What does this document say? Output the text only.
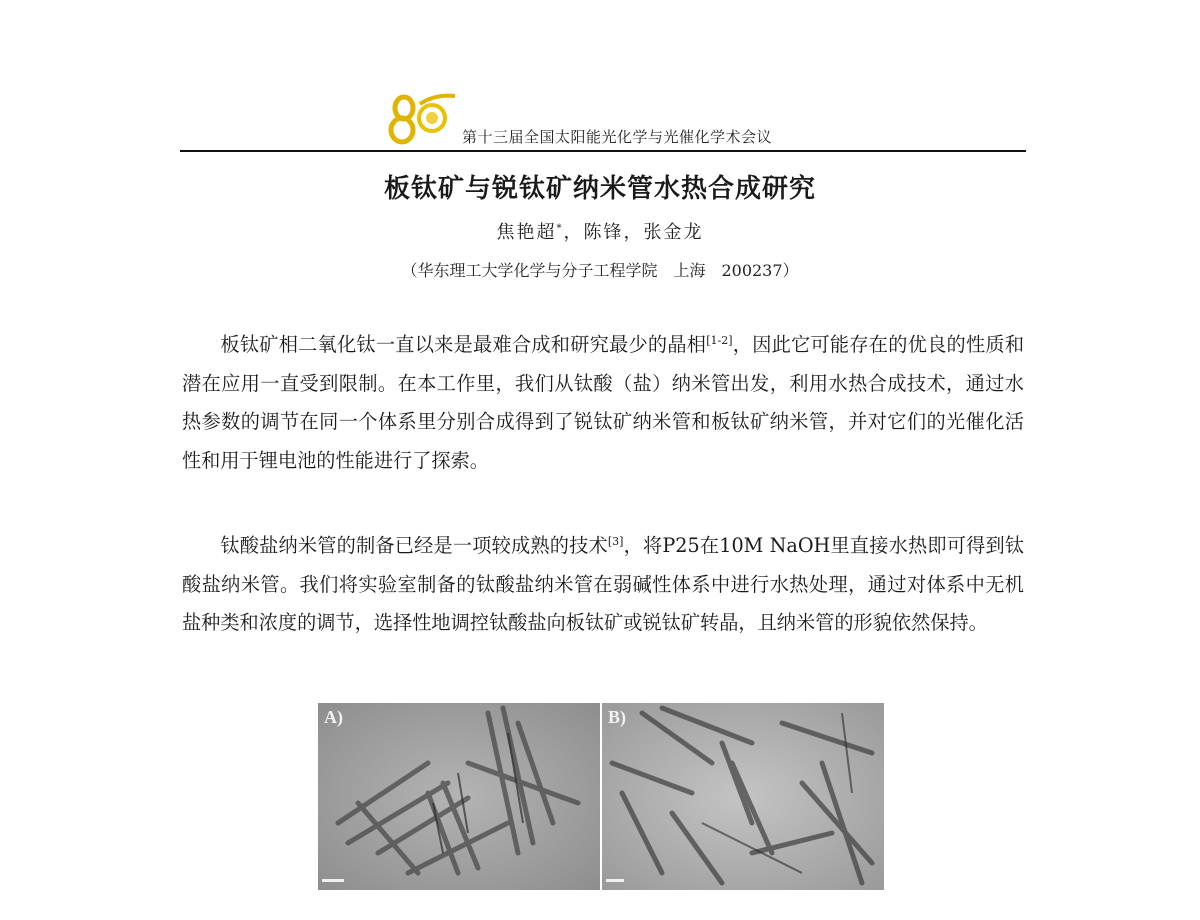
第十三届全国太阳能光化学与光催化学术会议
板钛矿与锐钛矿纳米管水热合成研究
焦艳超*，陈锋，张金龙
（华东理工大学化学与分子工程学院　上海　200237）

板钛矿相二氧化钛一直以来是最难合成和研究最少的晶相[1-2]，因此它可能存在的优良的性质和潜在应用一直受到限制。在本工作里，我们从钛酸（盐）纳米管出发，利用水热合成技术，通过水热参数的调节在同一个体系里分别合成得到了锐钛矿纳米管和板钛矿纳米管，并对它们的光催化活性和用于锂电池的性能进行了探索。

钛酸盐纳米管的制备已经是一项较成熟的技术[3]，将P25在10M NaOH里直接水热即可得到钛酸盐纳米管。我们将实验室制备的钛酸盐纳米管在弱碱性体系中进行水热处理，通过对体系中无机盐种类和浓度的调节，选择性地调控钛酸盐向板钛矿或锐钛矿转晶，且纳米管的形貌依然保持。

A)	B)
